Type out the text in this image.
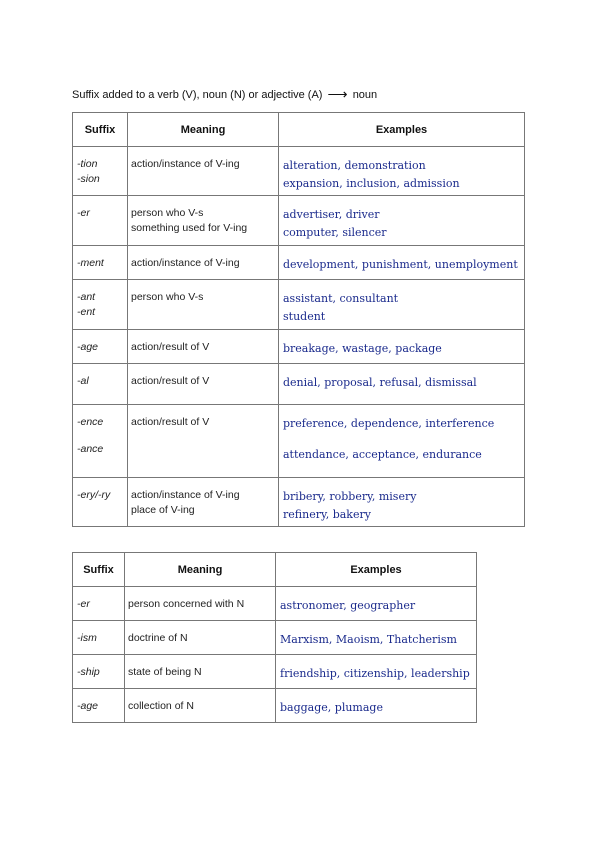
Suffix added to a verb (V), noun (N) or adjective (A) ⟶ noun
Suffix	Meaning	Examples

-tion
-sion	action/instance of V-ing	alteration, demonstration
expansion, inclusion, admission

-er	person who V-s
something used for V-ing	advertiser, driver
computer, silencer

-ment	action/instance of V-ing	development, punishment, unemployment

-ant
-ent	person who V-s	assistant, consultant
student

-age	action/result of V	breakage, wastage, package

-al	action/result of V	denial, proposal, refusal, dismissal

-ence
-ance	action/result of V	preference, dependence, interference
attendance, acceptance, endurance

-ery/-ry	action/instance of V-ing
place of V-ing	bribery, robbery, misery
refinery, bakery
Suffix	Meaning	Examples

-er	person concerned with N	astronomer, geographer

-ism	doctrine of N	Marxism, Maoism, Thatcherism

-ship	state of being N	friendship, citizenship, leadership

-age	collection of N	baggage, plumage
